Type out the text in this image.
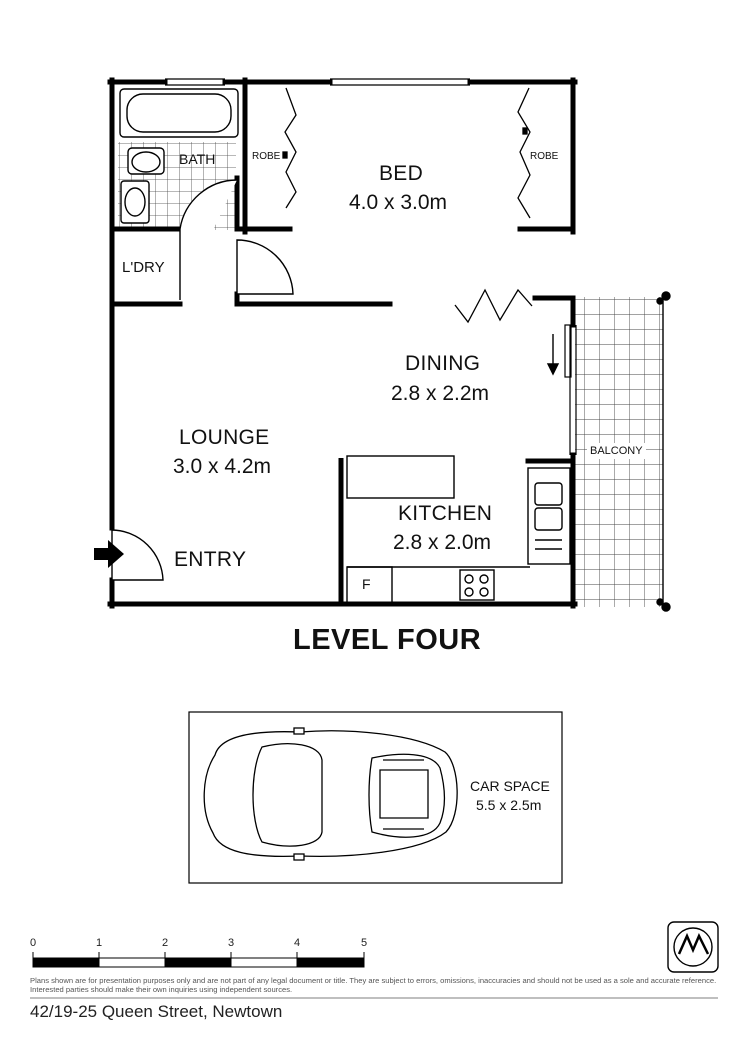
BATH	ROBE	ROBE
BED
4.0 x 3.0m
L'DRY
DINING
2.8 x 2.2m
LOUNGE
3.0 x 4.2m
KITCHEN
2.8 x 2.0m
ENTRY
F
BALCONY
LEVEL FOUR
CAR SPACE
5.5 x 2.5m
0	1	2	3	4	5
Plans shown are for presentation purposes only and are not part of any legal document or title. They are subject to errors, omissions, inaccuracies and should not be used as a sole and accurate reference. Interested parties should make their own inquiries using independent sources.
42/19-25 Queen Street, Newtown
